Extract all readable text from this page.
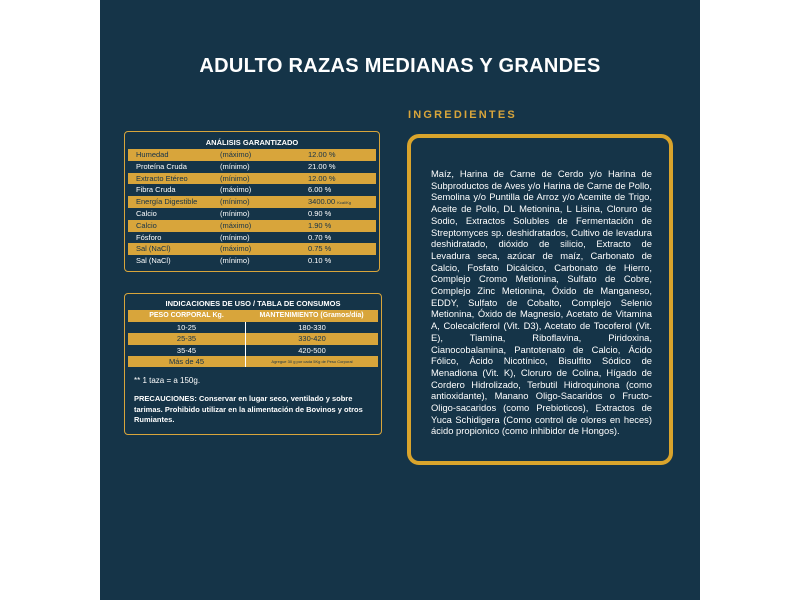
ADULTO RAZAS MEDIANAS Y GRANDES
ANÁLISIS GARANTIZADO
Humedad	(máximo)	12.00 %
Proteína Cruda	(mínimo)	21.00 %
Extracto Etéreo	(mínimo)	12.00 %
Fibra Cruda	(máximo)	6.00 %
Energía Digestible	(mínimo)	3400.00 Kcal/Kg
Calcio	(mínimo)	0.90 %
Calcio	(máximo)	1.90 %
Fósforo	(mínimo)	0.70 %
Sal (NaCl)	(máximo)	0.75 %
Sal (NaCl)	(mínimo)	0.10 %
INDICACIONES DE USO / TABLA DE CONSUMOS
PESO CORPORAL Kg.	MANTENIMIENTO (Gramos/día)
10-25	180-330
25-35	330-420
35-45	420-500
Más de 45	Agregue 30 g por cada 5Kg de Peso Corporal
** 1 taza = a 150g.
PRECAUCIONES: Conservar en lugar seco, ventilado y sobre tarimas. Prohibido utilizar en la alimentación de Bovinos y otros Rumiantes.
INGREDIENTES

Maíz, Harina de Carne de Cerdo y/o Harina de Subproductos de Aves y/o Harina de Carne de Pollo, Semolina y/o Puntilla de Arroz y/o Acemite de Trigo, Aceite de Pollo, DL Metionina, L Lisina, Cloruro de Sodio, Extractos Solubles de Fermentación de Streptomyces sp. deshidratados, Cultivo de levadura deshidratado, dióxido de silicio, Extracto de Levadura seca, azúcar de maíz, Carbonato de Calcio, Fosfato Dicálcico, Carbonato de Hierro, Complejo Cromo Metionina, Sulfato de Cobre, Complejo Zinc Metionina, Óxido de Manganeso, EDDY, Sulfato de Cobalto, Complejo Selenio Metionina, Óxido de Magnesio, Acetato de Vitamina A, Colecalciferol (Vit. D3), Acetato de Tocoferol (Vit. E), Tiamina, Riboflavina, Piridoxina, Cianocobalamina, Pantotenato de Calcio, Ácido Fólico, Ácido Nicotínico, Bisulfito Sódico de Menadiona (Vit. K), Cloruro de Colina, Hígado de Cordero Hidrolizado, Terbutil Hidroquinona (como antioxidante), Manano Oligo-Sacaridos o Fructo-Oligo-sacaridos (como Prebioticos), Extractos de Yuca Schidigera (Como control de olores en heces) ácido propionico (como inhibidor de Hongos).
